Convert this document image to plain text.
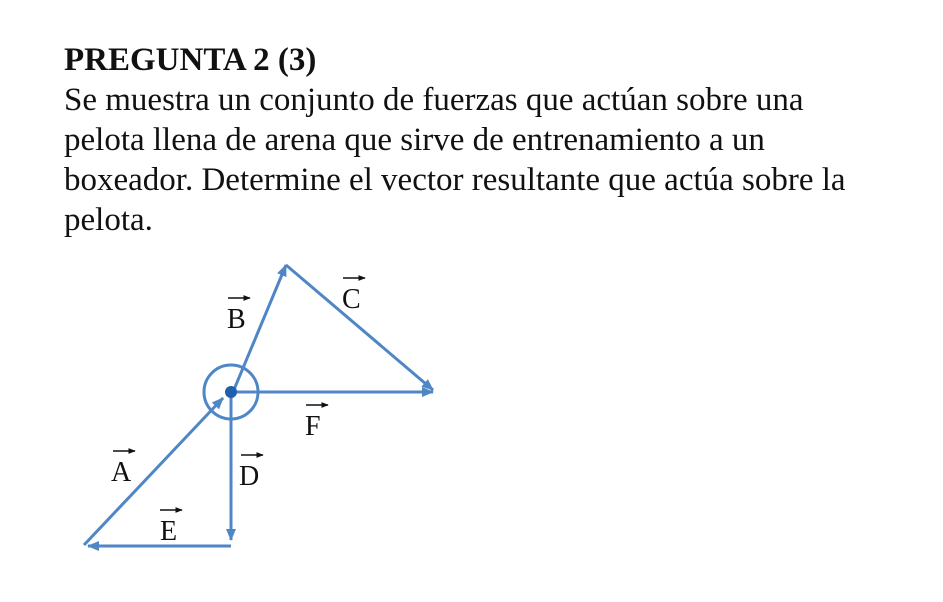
PREGUNTA 2 (3)

Se muestra un conjunto de fuerzas que actúan sobre una

pelota llena de arena que sirve de entrenamiento a un

boxeador. Determine el vector resultante que actúa sobre la

pelota.

A
B
C
D
E
F
